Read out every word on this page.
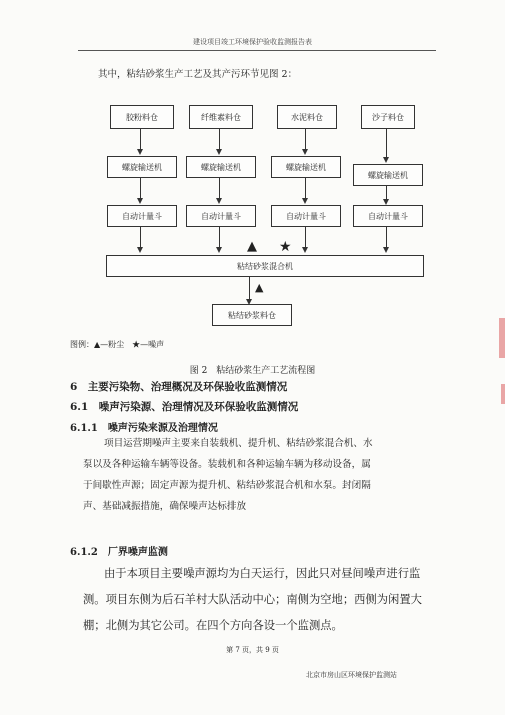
建设项目竣工环境保护验收监测报告表
其中，粘结砂浆生产工艺及其产污环节见图 2：
胶粉料仓	纤维素料仓	水泥料仓	沙子料仓
螺旋输送机	螺旋输送机	螺旋输送机
螺旋输送机
自动计量斗	自动计量斗	自动计量斗	自动计量斗
▲ ★
粘结砂浆混合机
▲
粘结砂浆料仓
图例：▲—粉尘　★—噪声
图 2　粘结砂浆生产工艺流程图
6　主要污染物、治理概况及环保验收监测情况
6.1　噪声污染源、治理情况及环保验收监测情况
6.1.1　噪声污染来源及治理情况
项目运营期噪声主要来自装载机、提升机、粘结砂浆混合机、水
泵以及各种运输车辆等设备。装载机和各种运输车辆为移动设备，属
于间歇性声源；固定声源为提升机、粘结砂浆混合机和水泵。封闭隔
声、基础减振措施，确保噪声达标排放
6.1.2　厂界噪声监测
由于本项目主要噪声源均为白天运行，因此只对昼间噪声进行监
测。项目东侧为后石羊村大队活动中心；南侧为空地；西侧为闲置大
棚；北侧为其它公司。在四个方向各设一个监测点。
第 7 页，共 9 页
北京市房山区环境保护监测站
